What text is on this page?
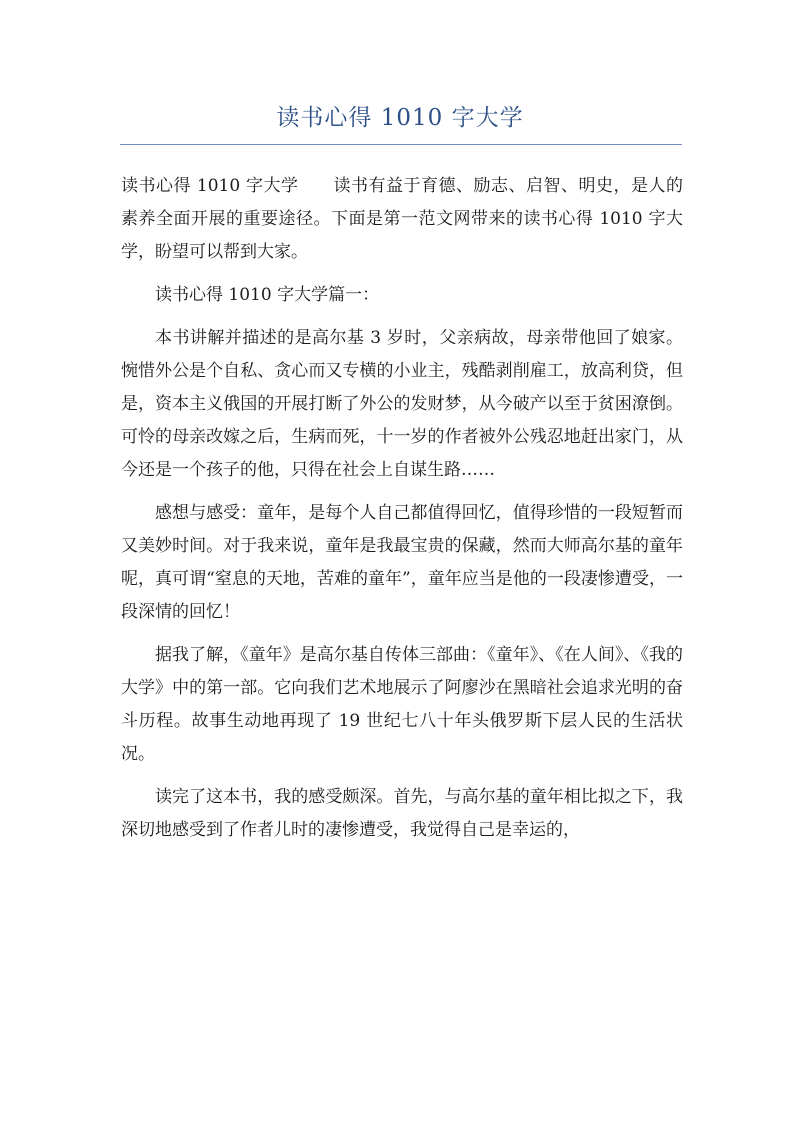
读书心得 1010 字大学

读书心得 1010 字大学　　读书有益于育德、励志、启智、明史，是人的素养全面开展的重要途径。下面是第一范文网带来的读书心得 1010 字大学，盼望可以帮到大家。

读书心得 1010 字大学篇一：

本书讲解并描述的是高尔基 3 岁时，父亲病故，母亲带他回了娘家。惋惜外公是个自私、贪心而又专横的小业主，残酷剥削雇工，放高利贷，但是，资本主义俄国的开展打断了外公的发财梦，从今破产以至于贫困潦倒。可怜的母亲改嫁之后，生病而死，十一岁的作者被外公残忍地赶出家门，从今还是一个孩子的他，只得在社会上自谋生路……

感想与感受：童年，是每个人自己都值得回忆，值得珍惜的一段短暂而又美妙时间。对于我来说，童年是我最宝贵的保藏，然而大师高尔基的童年呢，真可谓“窒息的天地，苦难的童年”，童年应当是他的一段凄惨遭受，一段深情的回忆！

据我了解，《童年》是高尔基自传体三部曲：《童年》、《在人间》、《我的大学》中的第一部。它向我们艺术地展示了阿廖沙在黑暗社会追求光明的奋斗历程。故事生动地再现了 19 世纪七八十年头俄罗斯下层人民的生活状况。

读完了这本书，我的感受颇深。首先，与高尔基的童年相比拟之下，我深切地感受到了作者儿时的凄惨遭受，我觉得自己是幸运的，
